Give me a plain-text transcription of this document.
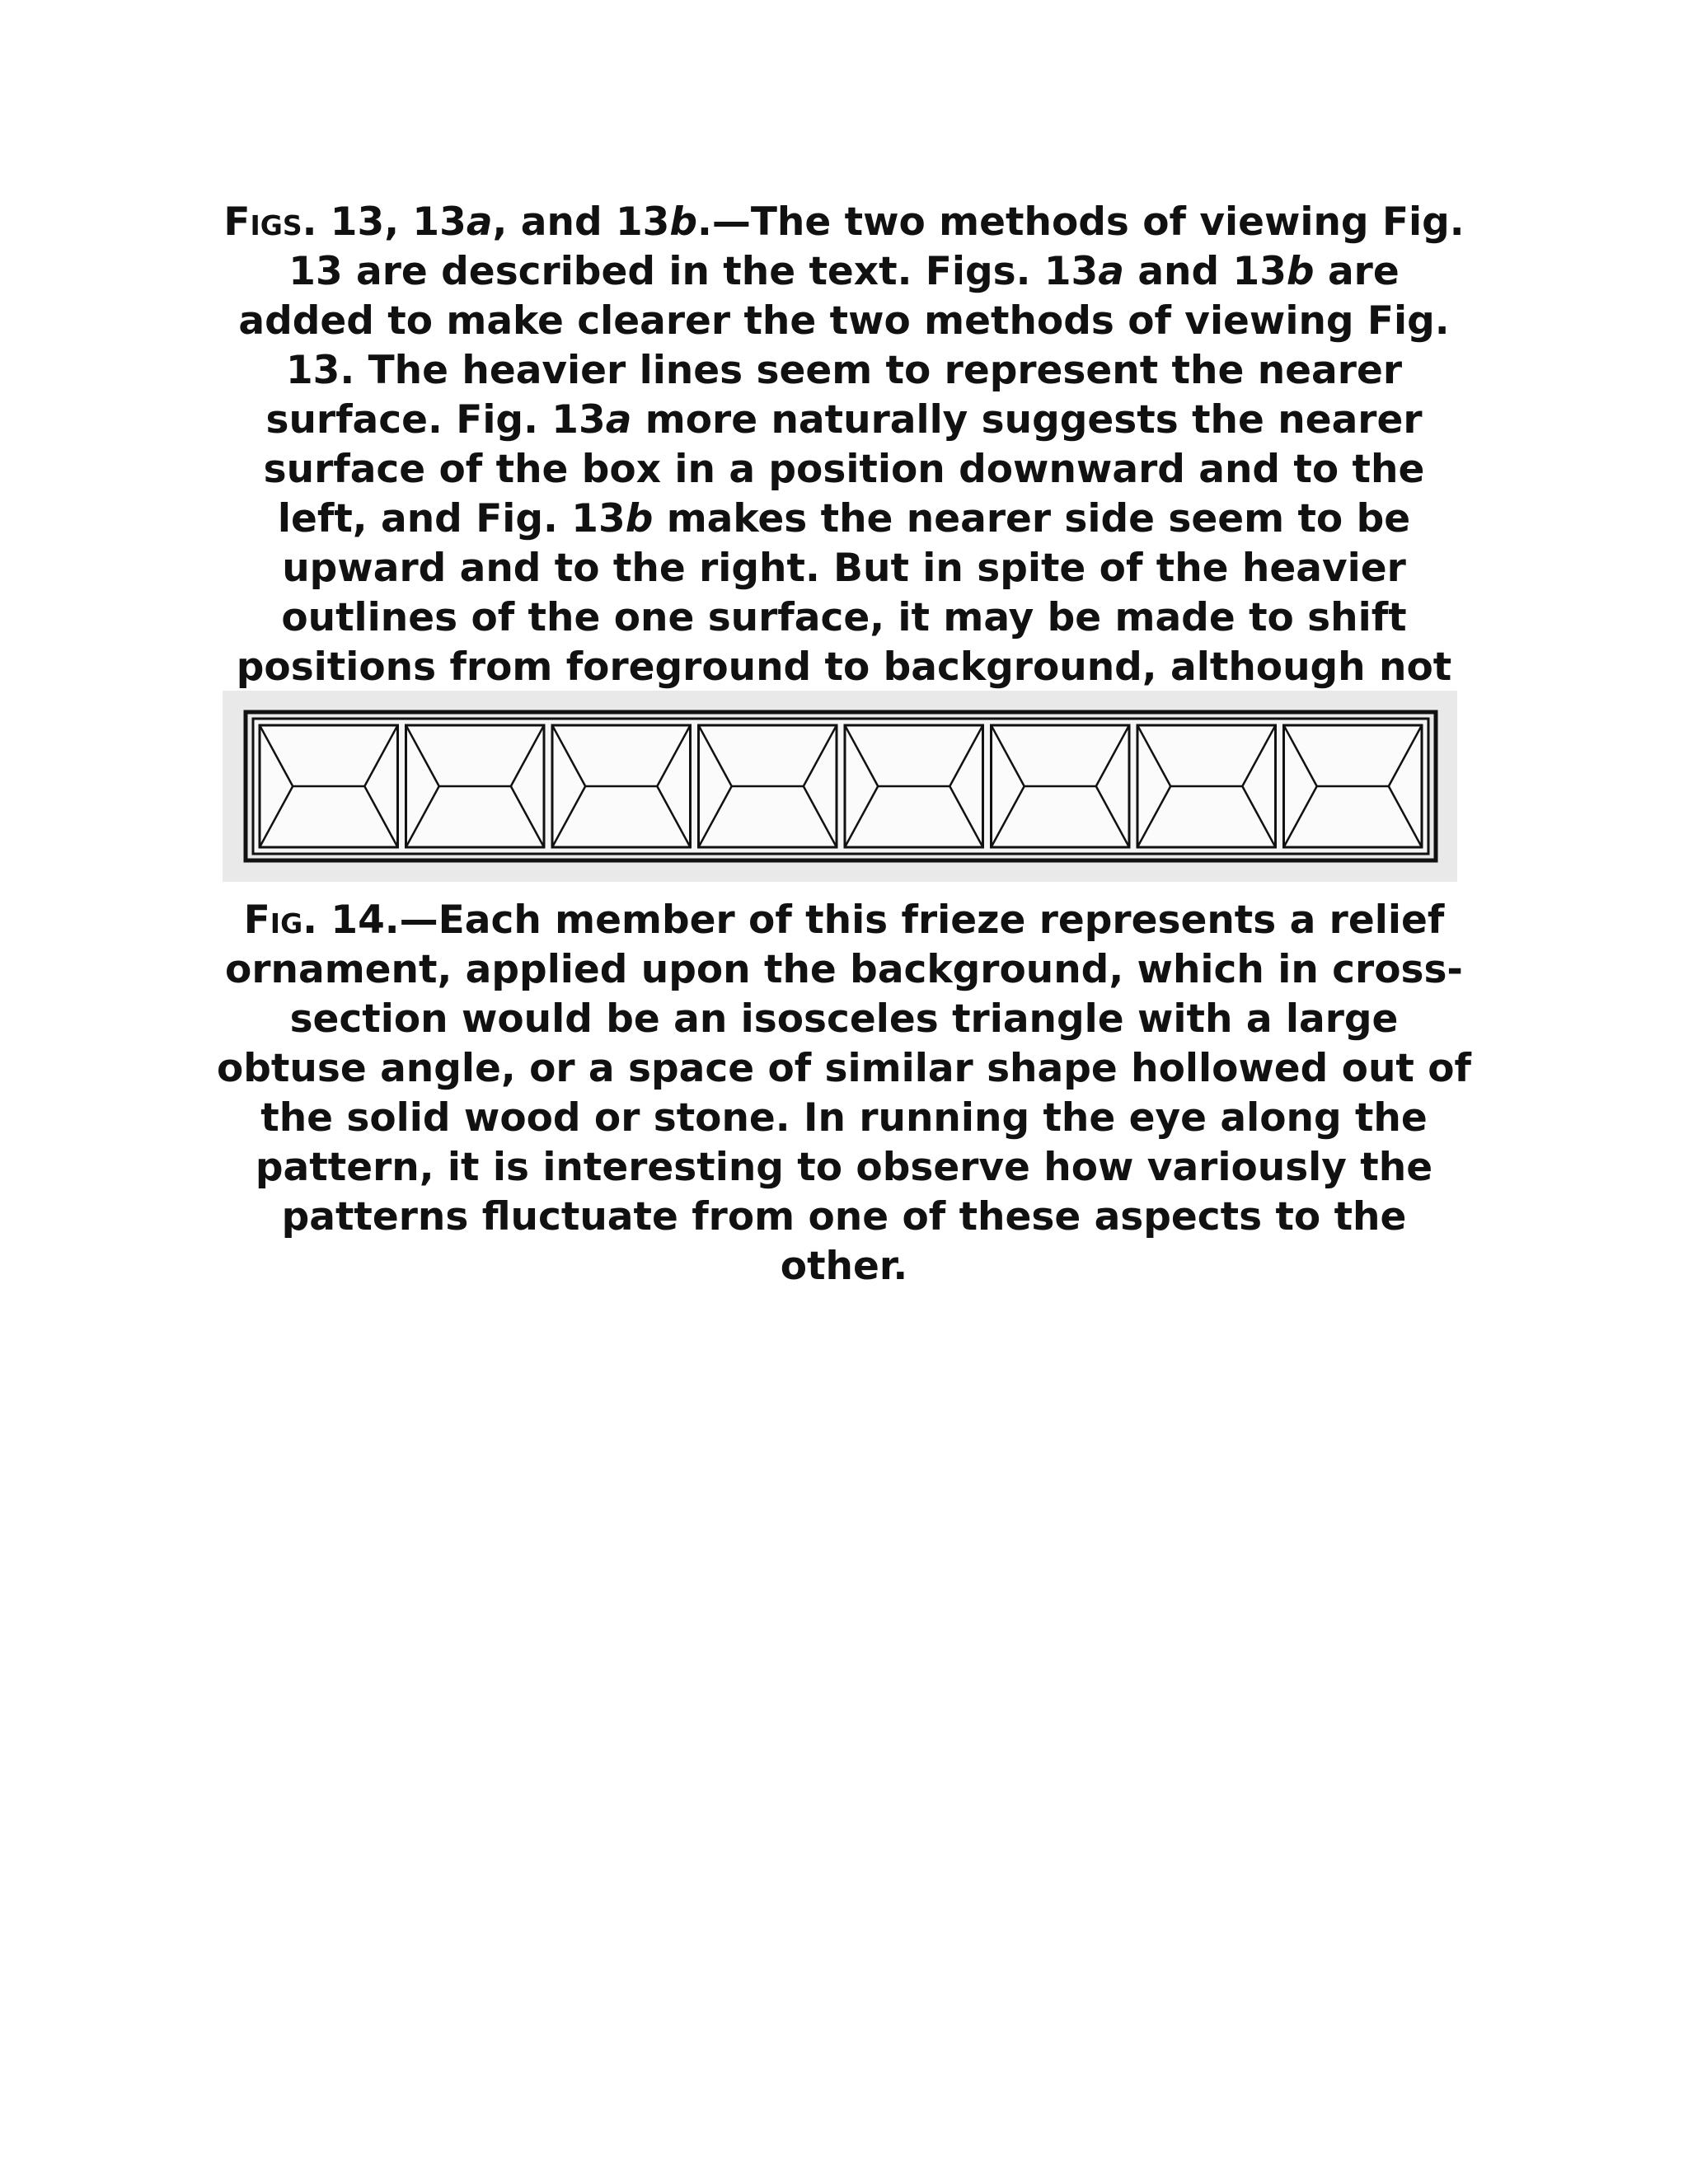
Figs. 13, 13a, and 13b.—The two methods of viewing Fig. 13 are described in the text. Figs. 13a and 13b are added to make clearer the two methods of viewing Fig. 13. The heavier lines seem to represent the nearer surface. Fig. 13a more naturally suggests the nearer surface of the box in a position downward and to the left, and Fig. 13b makes the nearer side seem to be upward and to the right. But in spite of the heavier outlines of the one surface, it may be made to shift positions from foreground to background, although not

Fig. 14.—Each member of this frieze represents a relief ornament, applied upon the background, which in cross-section would be an isosceles triangle with a large obtuse angle, or a space of similar shape hollowed out of the solid wood or stone. In running the eye along the pattern, it is interesting to observe how variously the patterns fluctuate from one of these aspects to the other.
